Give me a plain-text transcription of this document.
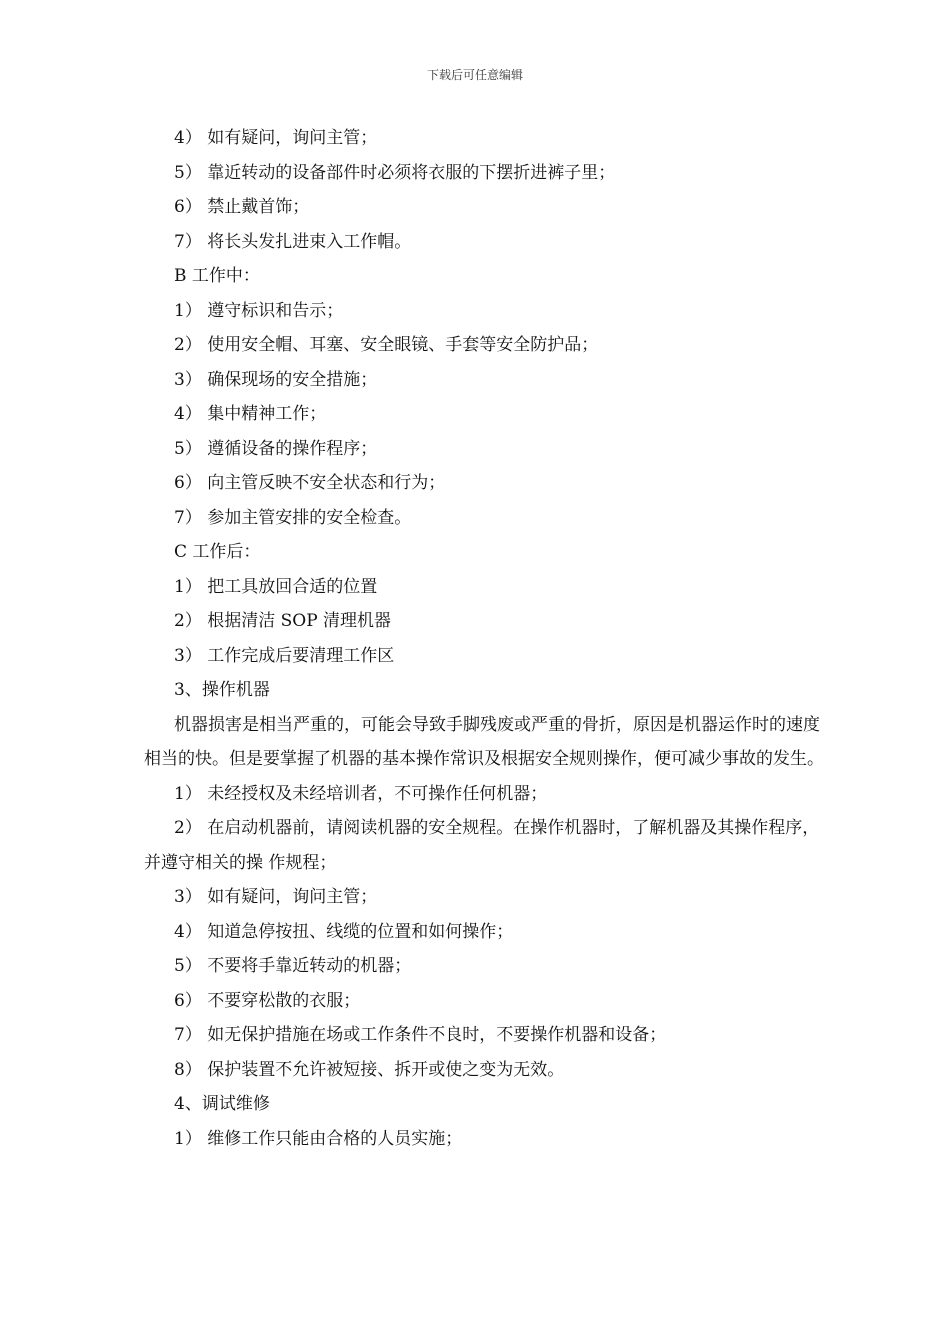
下载后可任意编辑
4） 如有疑问，询问主管；
5） 靠近转动的设备部件时必须将衣服的下摆折进裤子里；
6） 禁止戴首饰；
7） 将长头发扎进束入工作帽。
B 工作中：
1） 遵守标识和告示；
2） 使用安全帽、耳塞、安全眼镜、手套等安全防护品；
3） 确保现场的安全措施；
4） 集中精神工作；
5） 遵循设备的操作程序；
6） 向主管反映不安全状态和行为；
7） 参加主管安排的安全检查。
C 工作后：
1） 把工具放回合适的位置
2） 根据清洁 SOP 清理机器
3） 工作完成后要清理工作区
3、操作机器

机器损害是相当严重的，可能会导致手脚残废或严重的骨折，原因是机器运作时的速度相当的快。但是要掌握了机器的基本操作常识及根据安全规则操作，便可减少事故的发生。

1） 未经授权及未经培训者，不可操作任何机器；

2） 在启动机器前，请阅读机器的安全规程。在操作机器时，了解机器及其操作程序，并遵守相关的操 作规程；

3） 如有疑问，询问主管；
4） 知道急停按扭、线缆的位置和如何操作；
5） 不要将手靠近转动的机器；
6） 不要穿松散的衣服；
7） 如无保护措施在场或工作条件不良时，不要操作机器和设备；
8） 保护装置不允许被短接、拆开或使之变为无效。
4、调试维修
1） 维修工作只能由合格的人员实施；
